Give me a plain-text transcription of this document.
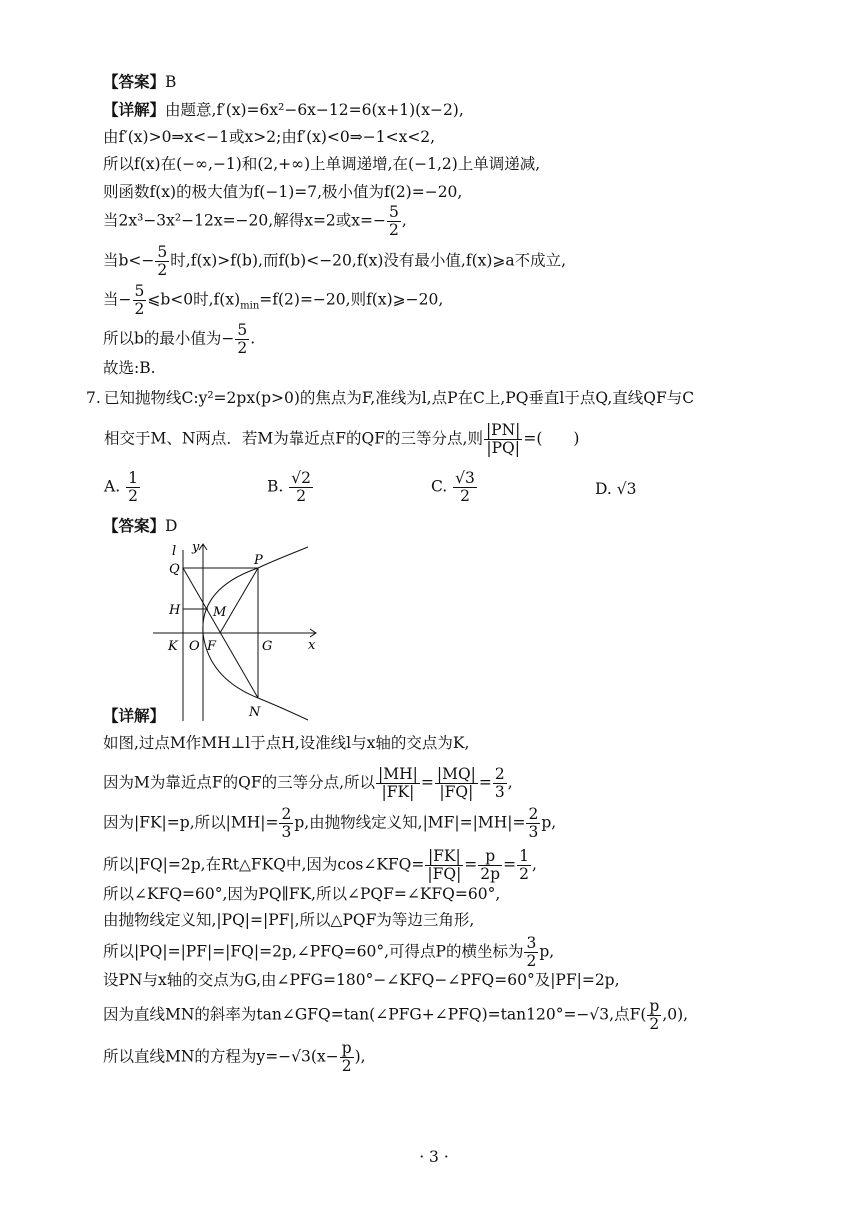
【答案】B
【详解】由题意,f′(x)=6x²−6x−12=6(x+1)(x−2),
由f′(x)>0⇒x<−1或x>2;由f′(x)<0⇒−1<x<2,
所以f(x)在(−∞,−1)和(2,+∞)上单调递增,在(−1,2)上单调递减,
则函数f(x)的极大值为f(−1)=7,极小值为f(2)=−20,
当2x³−3x²−12x=−20,解得x=2或$x=- \frac{5}{2}$ ,
当$b<- \frac{5}{2}$ 时,f(x)>f(b),而f(b)<−20,f(x)没有最小值,f(x)⩾a不成立,
当− $\frac{5}{2}$ ⩽b<0时$,f(x)_{min}=f(2)=-20$,则f(x)⩾−20,
所以b的最小值为− $\frac{5}{2}$ .
故选:B.
7. 已知抛物线C:y²=2px(p>0)的焦点为F,准线为l,点P在C上,PQ垂直l于点Q,直线QF与C
相交于M、N两点．若M为靠近点F的QF的三等分点,则 $\frac{|PN|}{|PQ|}$ =(　　)
A. $\frac{1}{2}$	B. $\frac{√2}{2}$	C. $\frac{√3}{2}$	D. √3
【答案】D
l y
Q
P
H	M
K O F	G	x
N
【详解】
如图,过点M作MH⊥l于点H,设准线l与x轴的交点为K,
因为M为靠近点F的QF的三等分点,所以 $\frac{|MH|}{|FK|} = \frac{|MQ|}{|FQ|} = \frac{2}{3}$ ,
因为|FK|=p,所以$|MH|= \frac{2}{3} p$,由抛物线定义知$,|MF|=|MH|= \frac{2}{3} p$,
所以|FQ|=2p,在Rt△FKQ中,因为cos∠KFQ= $\frac{|FK|}{|FQ|} = \frac{p}{2p} = \frac{1}{2}$ ,
所以∠KFQ=60°,因为PQ∥FK,所以∠PQF=∠KFQ=60°,
由抛物线定义知,|PQ|=|PF|,所以△PQF为等边三角形,
所以|PQ|=|PF|=|FQ|=2p,∠PFQ=60°,可得点P的横坐标为 $\frac{3}{2} p$,
设PN与x轴的交点为G,由∠PFG=180°−∠KFQ−∠PFQ=60°及|PF|=2p,
因为直线MN的斜率为tan∠GFQ=tan(∠PFG+∠PFQ)=tan120°=−√3,点$F( \frac{p}{2} ,0)$,
所以直线MN的方程为$y=-√3(x- \frac{p}{2}$ ),
· 3 ·
